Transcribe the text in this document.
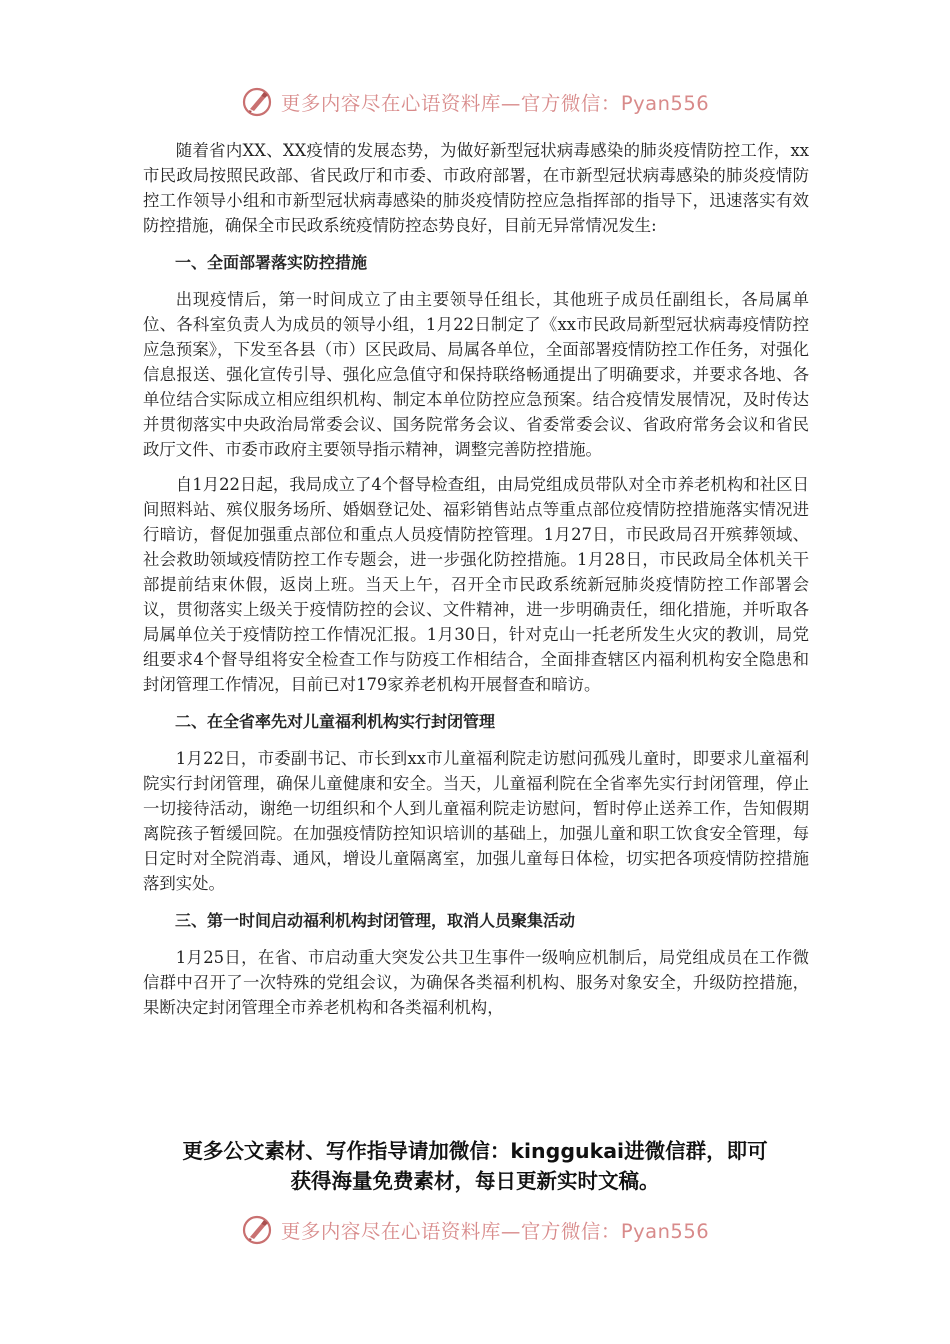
更多内容尽在心语资料库—官方微信：Pyan556

随着省内XX、XX疫情的发展态势，为做好新型冠状病毒感染的肺炎疫情防控工作，xx市民政局按照民政部、省民政厅和市委、市政府部署，在市新型冠状病毒感染的肺炎疫情防控工作领导小组和市新型冠状病毒感染的肺炎疫情防控应急指挥部的指导下，迅速落实有效防控措施，确保全市民政系统疫情防控态势良好，目前无异常情况发生:

一、全面部署落实防控措施

出现疫情后，第一时间成立了由主要领导任组长，其他班子成员任副组长，各局属单位、各科室负责人为成员的领导小组，1月22日制定了《xx市民政局新型冠状病毒疫情防控应急预案》，下发至各县（市）区民政局、局属各单位，全面部署疫情防控工作任务，对强化信息报送、强化宣传引导、强化应急值守和保持联络畅通提出了明确要求，并要求各地、各单位结合实际成立相应组织机构、制定本单位防控应急预案。结合疫情发展情况，及时传达并贯彻落实中央政治局常委会议、国务院常务会议、省委常委会议、省政府常务会议和省民政厅文件、市委市政府主要领导指示精神，调整完善防控措施。

自1月22日起，我局成立了4个督导检查组，由局党组成员带队对全市养老机构和社区日间照料站、殡仪服务场所、婚姻登记处、福彩销售站点等重点部位疫情防控措施落实情况进行暗访，督促加强重点部位和重点人员疫情防控管理。1月27日，市民政局召开殡葬领域、社会救助领域疫情防控工作专题会，进一步强化防控措施。1月28日，市民政局全体机关干部提前结束休假，返岗上班。当天上午，召开全市民政系统新冠肺炎疫情防控工作部署会议，贯彻落实上级关于疫情防控的会议、文件精神，进一步明确责任，细化措施，并听取各局属单位关于疫情防控工作情况汇报。1月30日，针对克山一托老所发生火灾的教训，局党组要求4个督导组将安全检查工作与防疫工作相结合，全面排查辖区内福利机构安全隐患和封闭管理工作情况，目前已对179家养老机构开展督查和暗访。

二、在全省率先对儿童福利机构实行封闭管理

1月22日，市委副书记、市长到xx市儿童福利院走访慰问孤残儿童时，即要求儿童福利院实行封闭管理，确保儿童健康和安全。当天，儿童福利院在全省率先实行封闭管理，停止一切接待活动，谢绝一切组织和个人到儿童福利院走访慰问，暂时停止送养工作，告知假期离院孩子暂缓回院。在加强疫情防控知识培训的基础上，加强儿童和职工饮食安全管理，每日定时对全院消毒、通风，增设儿童隔离室，加强儿童每日体检，切实把各项疫情防控措施落到实处。

三、第一时间启动福利机构封闭管理，取消人员聚集活动

1月25日，在省、市启动重大突发公共卫生事件一级响应机制后，局党组成员在工作微信群中召开了一次特殊的党组会议，为确保各类福利机构、服务对象安全，升级防控措施，果断决定封闭管理全市养老机构和各类福利机构，

更多公文素材、写作指导请加微信：kinggukai进微信群，即可
获得海量免费素材，每日更新实时文稿。
更多内容尽在心语资料库—官方微信：Pyan556
